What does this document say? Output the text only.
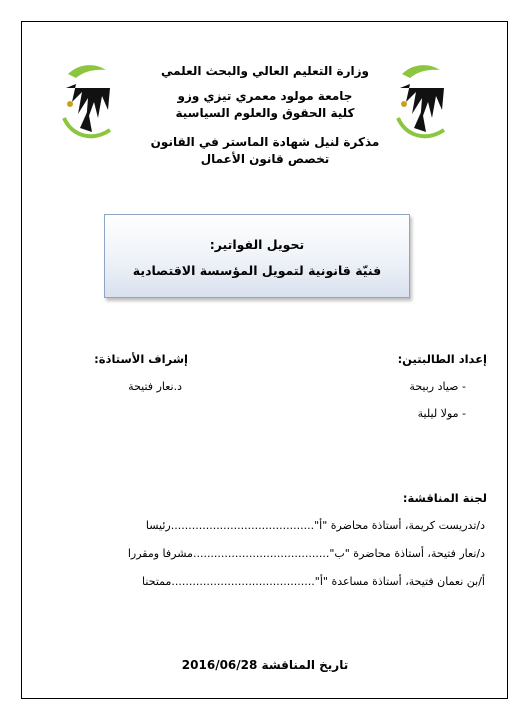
وزارة التعليم العالي والبحث العلمي
جامعة مولود معمري تيزي وزو
كلية الحقوق والعلوم السياسية
مذكرة لنيل شهادة الماستر في القانون
تخصص قانون الأعمال
تحويل الفواتير:
فنيّة قانونية لتمويل المؤسسة الاقتصادية
إعداد الطالبتين:
- صياد ربيحة
- مولا ليلية
إشراف الأستاذة:
د.نعار فتيحة
لجنة المناقشة:
د/تدريست كريمة، أستاذة محاضرة "أ".........................................رئيسا
د/نعار فتيحة، أستاذة محاضرة "ب".......................................مشرفا ومقررا
أ/بن نعمان فتيحة، أستاذة مساعدة "أ".........................................ممتحنا
تاريخ المناقشة 2016/06/28
